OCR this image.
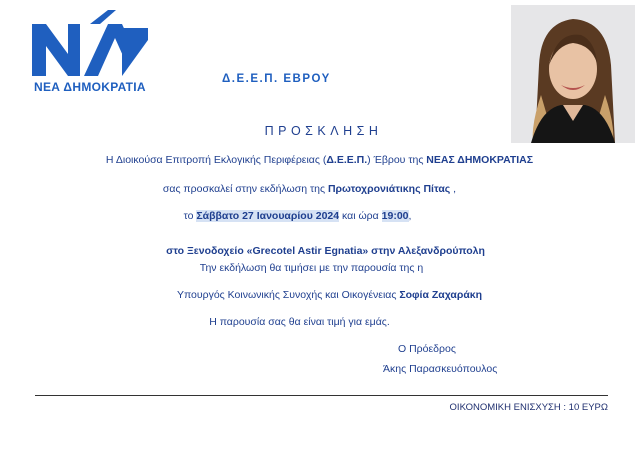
ΝΕΑ ΔΗΜΟΚΡΑΤΙΑ
Δ.Ε.Ε.Π. ΕΒΡΟΥ
ΠΡΟΣΚΛΗΣΗ
Η Διοικούσα Επιτροπή Εκλογικής Περιφέρειας (Δ.Ε.Ε.Π.) Έβρου της ΝΕΑΣ ΔΗΜΟΚΡΑΤΙΑΣ
σας προσκαλεί στην εκδήλωση της Πρωτοχρονιάτικης Πίτας ,
το Σάββατο 27 Ιανουαρίου 2024 και ώρα 19:00,
στο Ξενοδοχείο «Grecotel Astir Egnatia» στην Αλεξανδρούπολη
Την εκδήλωση θα τιμήσει με την παρουσία της η
Υπουργός Κοινωνικής Συνοχής και Οικογένειας Σοφία Ζαχαράκη
Η παρουσία σας θα είναι τιμή για εμάς.
Ο Πρόεδρος
Άκης Παρασκευόπουλος
ΟΙΚΟΝΟΜΙΚΗ ΕΝΙΣΧΥΣΗ : 10 ΕΥΡΩ
